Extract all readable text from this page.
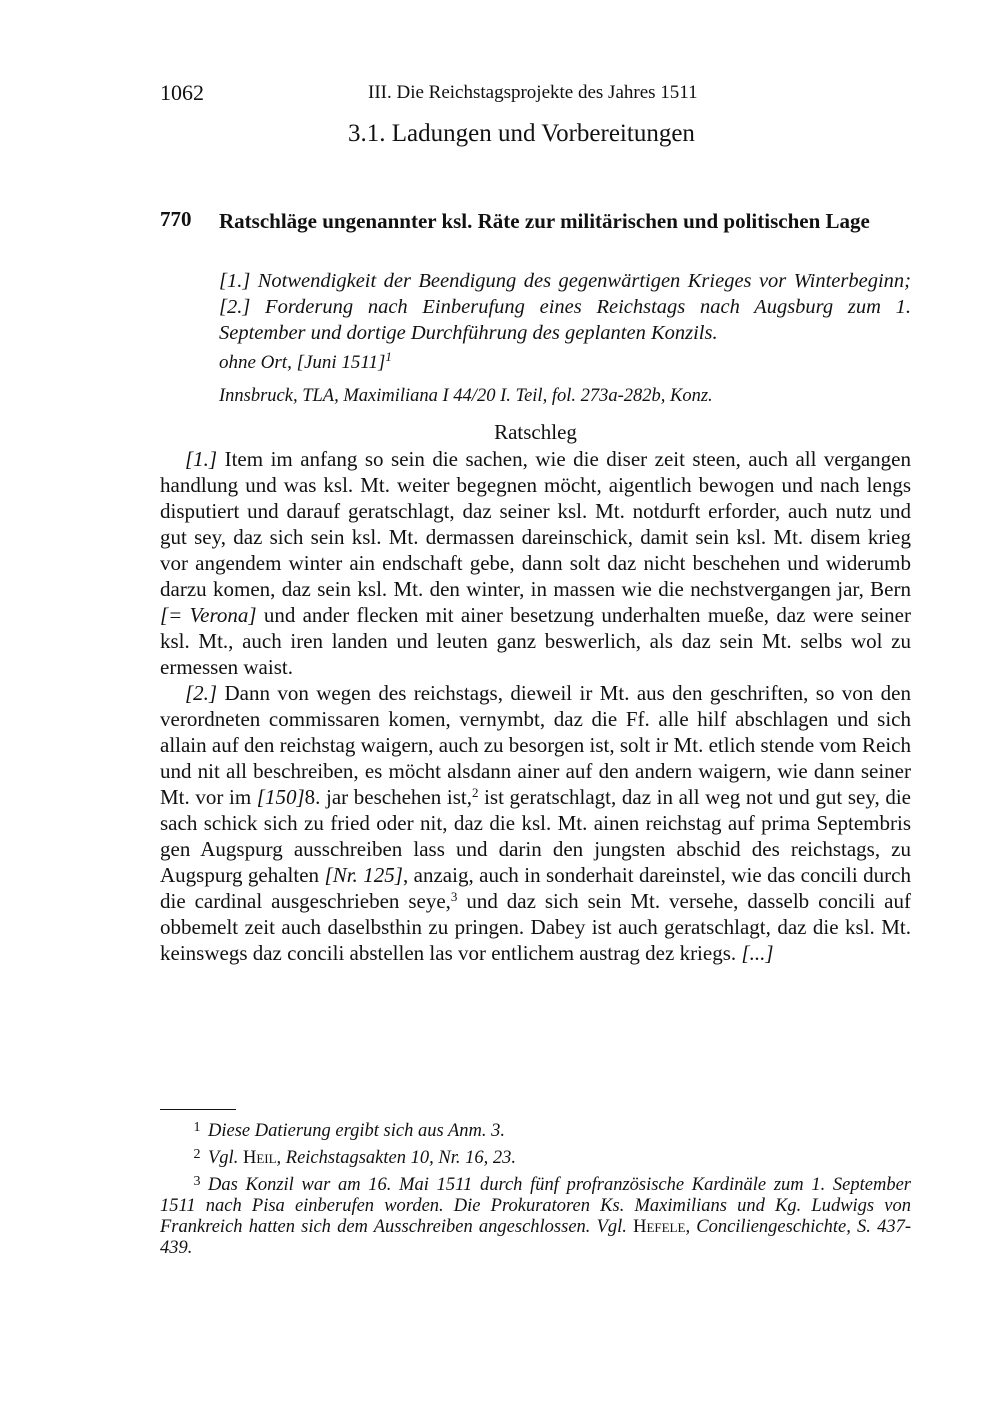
1062	III. Die Reichstagsprojekte des Jahres 1511
3.1. Ladungen und Vorbereitungen
770 Ratschläge ungenannter ksl. Räte zur militärischen und politischen Lage
[1.] Notwendigkeit der Beendigung des gegenwärtigen Krieges vor Winterbeginn; [2.] Forderung nach Einberufung eines Reichstags nach Augsburg zum 1. September und dortige Durchführung des geplanten Konzils.
ohne Ort, [Juni 1511]$^1$
Innsbruck, TLA, Maximiliana I 44/20 I. Teil, fol. 273a-282b, Konz.
Ratschleg

[1.] Item im anfang so sein die sachen, wie die diser zeit steen, auch all vergangen handlung und was ksl. Mt. weiter begegnen möcht, aigentlich bewogen und nach lengs disputiert und darauf geratschlagt, daz seiner ksl. Mt. notdurft erforder, auch nutz und gut sey, daz sich sein ksl. Mt. dermassen dareinschick, damit sein ksl. Mt. disem krieg vor angendem winter ain endschaft gebe, dann solt daz nicht beschehen und widerumb darzu komen, daz sein ksl. Mt. den winter, in massen wie die nechstvergangen jar, Bern [= Verona] und ander flecken mit ainer besetzung underhalten mueße, daz were seiner ksl. Mt., auch iren landen und leuten ganz beswerlich, als daz sein Mt. selbs wol zu ermessen waist.

[2.] Dann von wegen des reichstags, dieweil ir Mt. aus den geschriften, so von den verordneten commissaren komen, vernymbt, daz die Ff. alle hilf abschlagen und sich allain auf den reichstag waigern, auch zu besorgen ist, solt ir Mt. etlich stende vom Reich und nit all beschreiben, es möcht alsdann ainer auf den andern waigern, wie dann seiner Mt. vor im [150]8. jar beschehen ist,$^2$ ist geratschlagt, daz in all weg not und gut sey, die sach schick sich zu fried oder nit, daz die ksl. Mt. ainen reichstag auf prima Septembris gen Augspurg ausschreiben lass und darin den jungsten abschid des reichstags, zu Augspurg gehalten [Nr. 125], anzaig, auch in sonderhait dareinstel, wie das concili durch die cardinal ausgeschrieben seye,$^3$ und daz sich sein Mt. versehe, dasselb concili auf obbemelt zeit auch daselbsthin zu pringen. Dabey ist auch geratschlagt, daz die ksl. Mt. keinswegs daz concili abstellen las vor entlichem austrag dez kriegs. [...]

1 Diese Datierung ergibt sich aus Anm. 3.

2 Vgl. Heil, Reichstagsakten 10, Nr. 16, 23.

3 Das Konzil war am 16. Mai 1511 durch fünf profranzösische Kardinäle zum 1. September 1511 nach Pisa einberufen worden. Die Prokuratoren Ks. Maximilians und Kg. Ludwigs von Frankreich hatten sich dem Ausschreiben angeschlossen. Vgl. Hefele, Conciliengeschichte, S. 437-439.
